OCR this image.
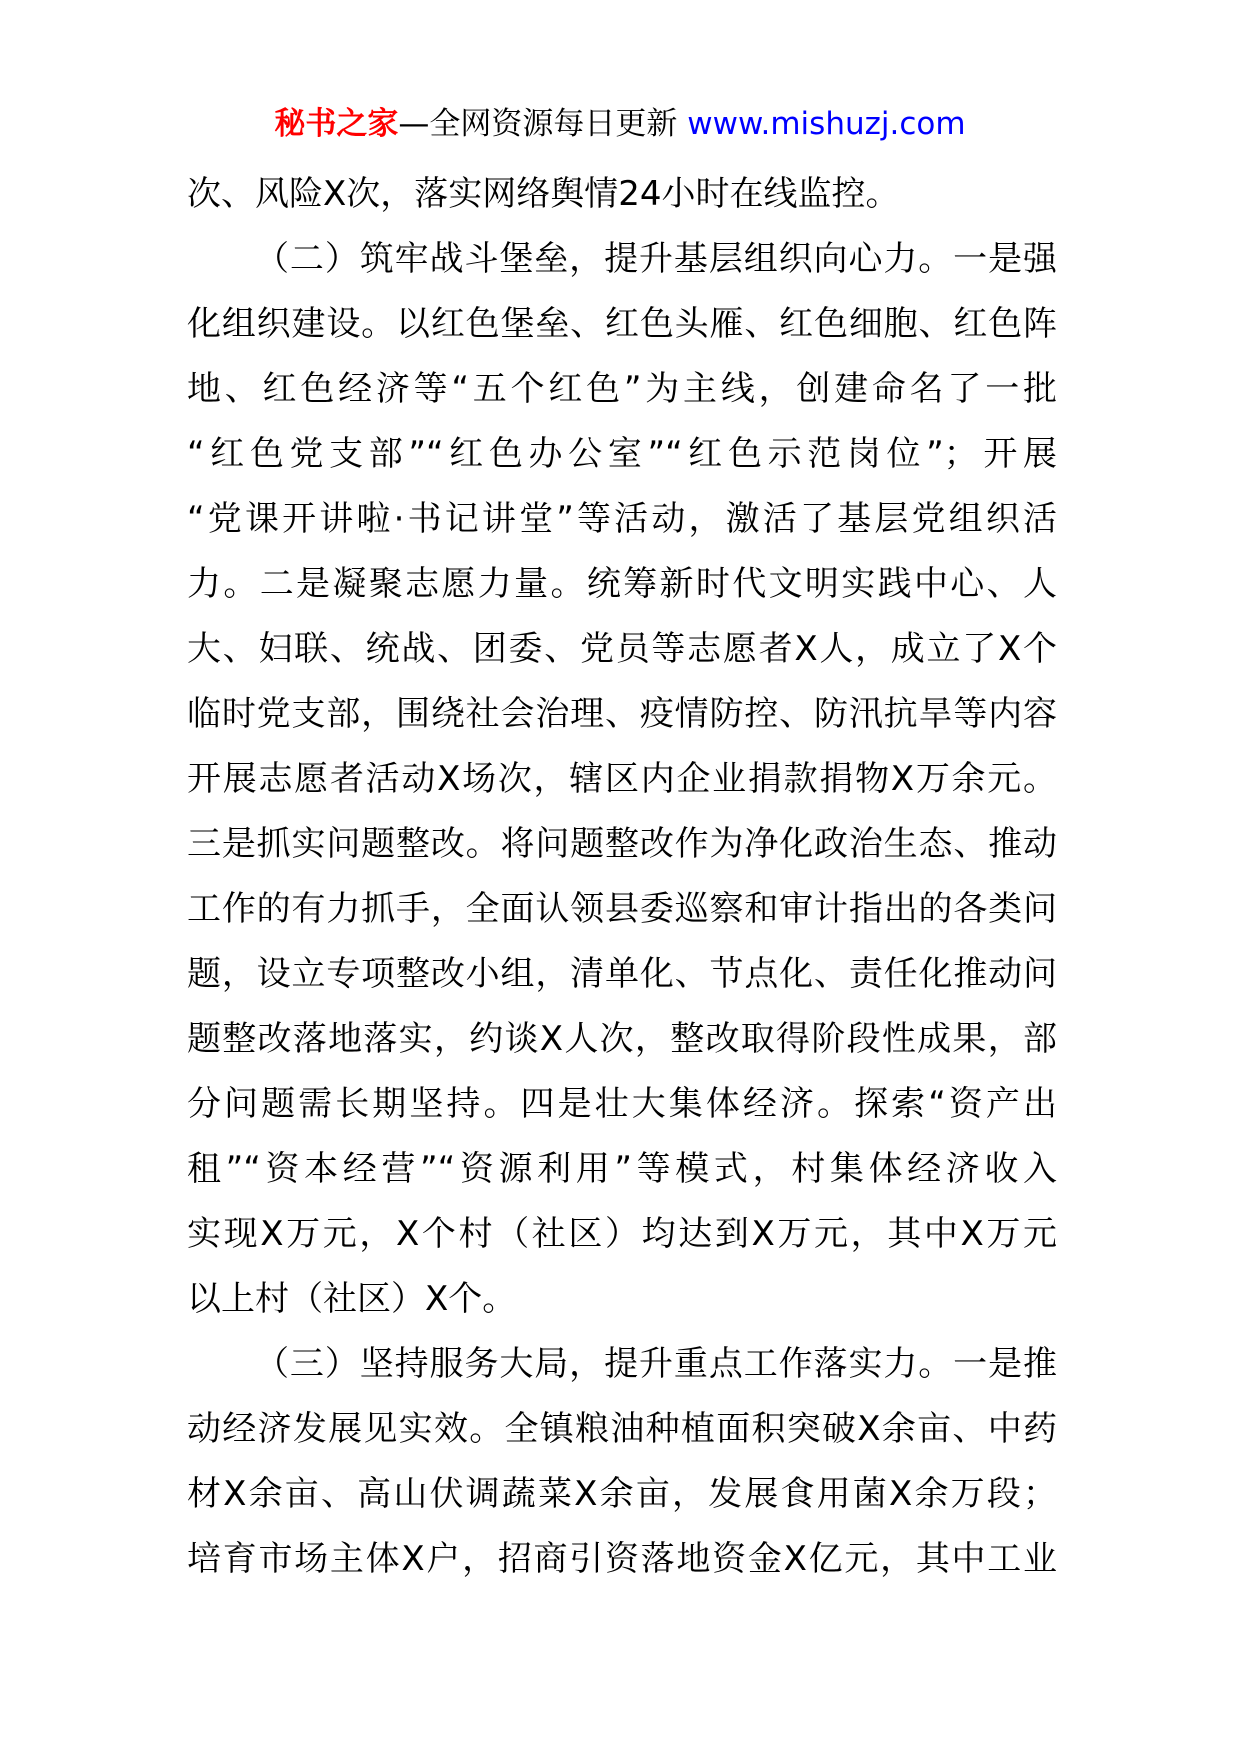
秘书之家—全网资源每日更新 www.mishuzj.com
次、风险X次，落实网络舆情24小时在线监控。
（二）筑牢战斗堡垒，提升基层组织向心力。一是强
化组织建设。以红色堡垒、红色头雁、红色细胞、红色阵
地、红色经济等“五个红色”为主线，创建命名了一批
“红色党支部”“红色办公室”“红色示范岗位”；开展
“党课开讲啦·书记讲堂”等活动，激活了基层党组织活
力。二是凝聚志愿力量。统筹新时代文明实践中心、人
大、妇联、统战、团委、党员等志愿者X人，成立了X个
临时党支部，围绕社会治理、疫情防控、防汛抗旱等内容
开展志愿者活动X场次，辖区内企业捐款捐物X万余元。
三是抓实问题整改。将问题整改作为净化政治生态、推动
工作的有力抓手，全面认领县委巡察和审计指出的各类问
题，设立专项整改小组，清单化、节点化、责任化推动问
题整改落地落实，约谈X人次，整改取得阶段性成果，部
分问题需长期坚持。四是壮大集体经济。探索“资产出
租”“资本经营”“资源利用”等模式，村集体经济收入
实现X万元，X个村（社区）均达到X万元，其中X万元
以上村（社区）X个。
（三）坚持服务大局，提升重点工作落实力。一是推
动经济发展见实效。全镇粮油种植面积突破X余亩、中药
材X余亩、高山伏调蔬菜X余亩，发展食用菌X余万段；
培育市场主体X户，招商引资落地资金X亿元，其中工业
